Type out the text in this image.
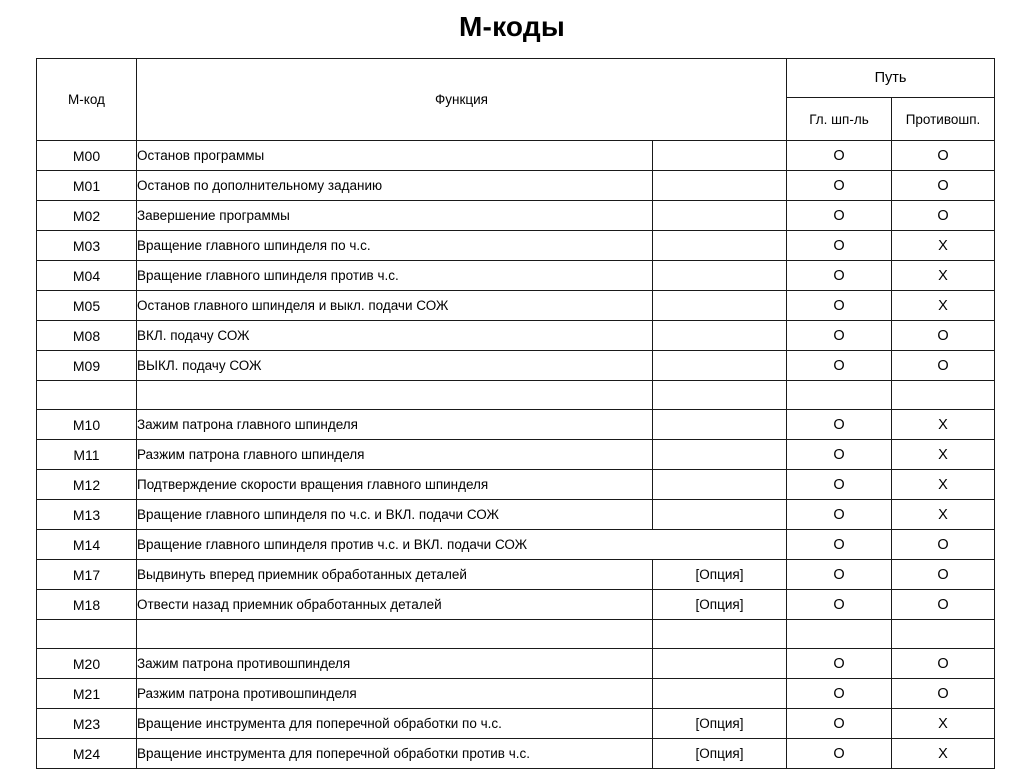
M-коды
M-код	Функция		Путь	
			Гл. шп-ль	Противошп.
M00	Останов программы		O	O
M01	Останов по дополнительному заданию		O	O
M02	Завершение программы		O	O
M03	Вращение главного шпинделя по ч.с.		O	X
M04	Вращение главного шпинделя против ч.с.		O	X
M05	Останов главного шпинделя и выкл. подачи СОЖ		O	X
M08	ВКЛ. подачу СОЖ		O	O
M09	ВЫКЛ. подачу СОЖ		O	O

M10	Зажим патрона главного шпинделя		O	X
M11	Разжим патрона главного шпинделя		O	X
M12	Подтверждение скорости вращения главного шпинделя		O	X
M13	Вращение главного шпинделя по ч.с. и ВКЛ. подачи СОЖ		O	X
M14	Вращение главного шпинделя против ч.с. и ВКЛ. подачи СОЖ		O	O
M17	Выдвинуть вперед приемник обработанных деталей	[Опция]	O	O
M18	Отвести назад приемник обработанных деталей	[Опция]	O	O

M20	Зажим патрона противошпинделя		O	O
M21	Разжим патрона противошпинделя		O	O
M23	Вращение инструмента для поперечной обработки по ч.с.	[Опция]	O	X
M24	Вращение инструмента для поперечной обработки против ч.с.	[Опция]	O	X
